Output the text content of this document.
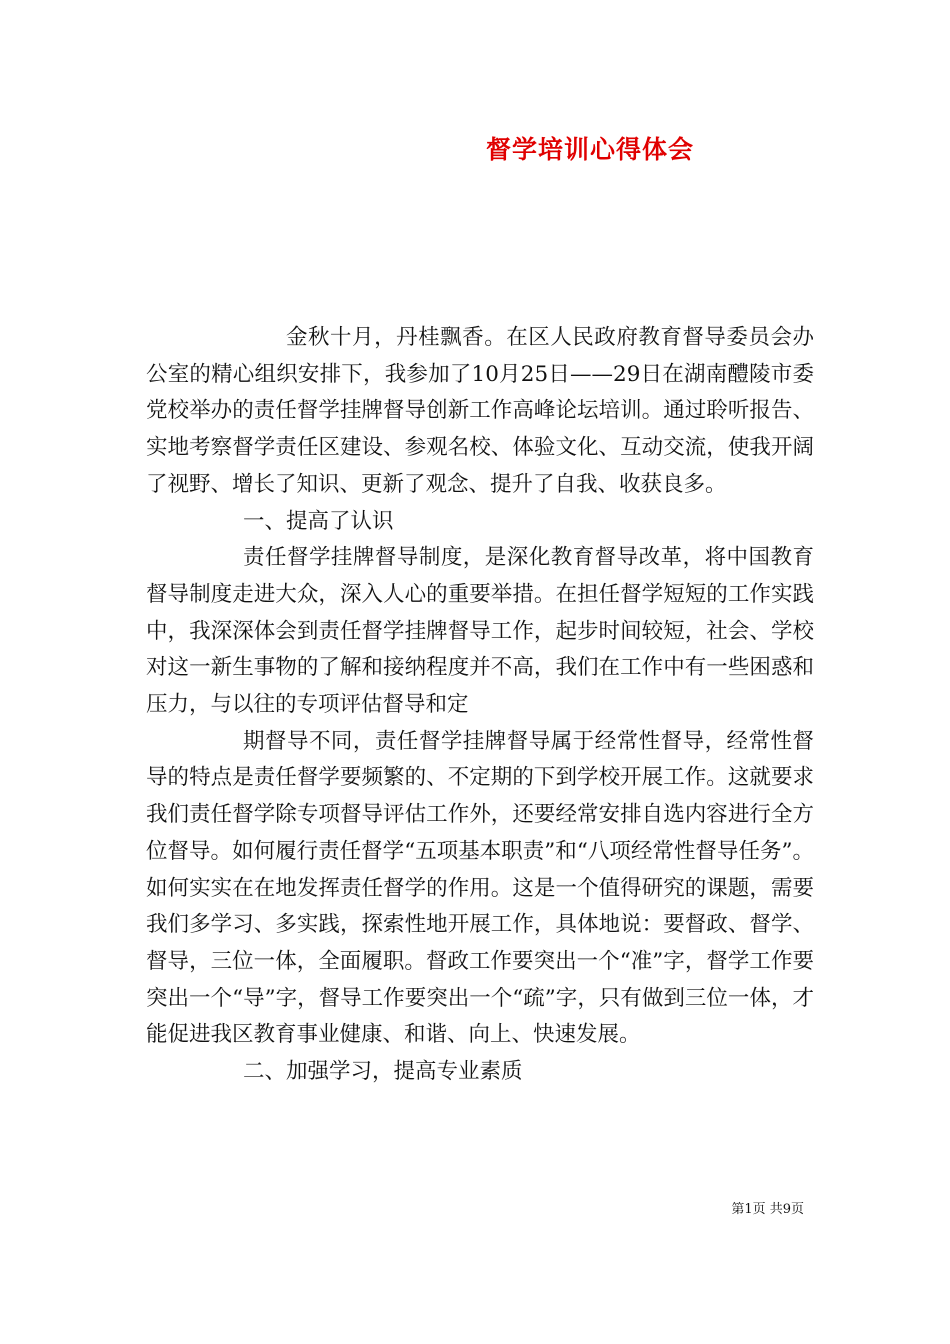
督学培训心得体会

金秋十月，丹桂飘香。在区人民政府教育督导委员会办公室的精心组织安排下，我参加了10月25日——29日在湖南醴陵市委党校举办的责任督学挂牌督导创新工作高峰论坛培训。通过聆听报告、实地考察督学责任区建设、参观名校、体验文化、互动交流，使我开阔了视野、增长了知识、更新了观念、提升了自我、收获良多。

一、提高了认识

责任督学挂牌督导制度，是深化教育督导改革，将中国教育督导制度走进大众，深入人心的重要举措。在担任督学短短的工作实践中，我深深体会到责任督学挂牌督导工作，起步时间较短，社会、学校对这一新生事物的了解和接纳程度并不高，我们在工作中有一些困惑和压力，与以往的专项评估督导和定

期督导不同，责任督学挂牌督导属于经常性督导，经常性督导的特点是责任督学要频繁的、不定期的下到学校开展工作。这就要求我们责任督学除专项督导评估工作外，还要经常安排自选内容进行全方位督导。如何履行责任督学“五项基本职责”和“八项经常性督导任务”。如何实实在在地发挥责任督学的作用。这是一个值得研究的课题，需要我们多学习、多实践，探索性地开展工作，具体地说：要督政、督学、督导，三位一体，全面履职。督政工作要突出一个“准”字，督学工作要突出一个“导”字，督导工作要突出一个“疏”字，只有做到三位一体，才能促进我区教育事业健康、和谐、向上、快速发展。

二、加强学习，提高专业素质

第1页 共9页
